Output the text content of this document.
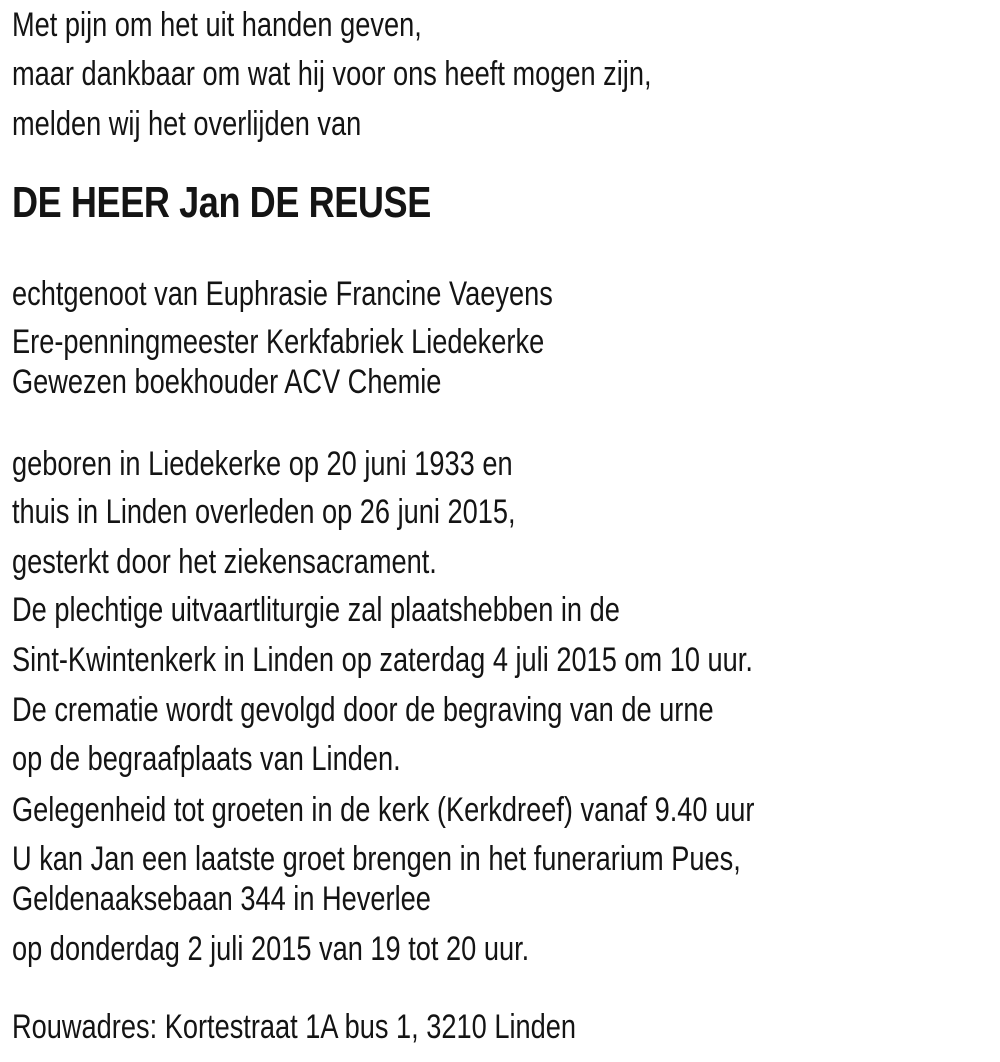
Met pijn om het uit handen geven,

maar dankbaar om wat hij voor ons heeft mogen zijn,

melden wij het overlijden van

DE HEER Jan DE REUSE

echtgenoot van Euphrasie Francine Vaeyens

Ere-penningmeester Kerkfabriek Liedekerke
Gewezen boekhouder ACV Chemie

geboren in Liedekerke op 20 juni 1933 en

thuis in Linden overleden op 26 juni 2015,

gesterkt door het ziekensacrament.

De plechtige uitvaartliturgie zal plaatshebben in de

Sint-Kwintenkerk in Linden op zaterdag 4 juli 2015 om 10 uur.

De crematie wordt gevolgd door de begraving van de urne

op de begraafplaats van Linden.

Gelegenheid tot groeten in de kerk (Kerkdreef) vanaf 9.40 uur

U kan Jan een laatste groet brengen in het funerarium Pues,
Geldenaaksebaan 344 in Heverlee

op donderdag 2 juli 2015 van 19 tot 20 uur.

Rouwadres: Kortestraat 1A bus 1, 3210 Linden
